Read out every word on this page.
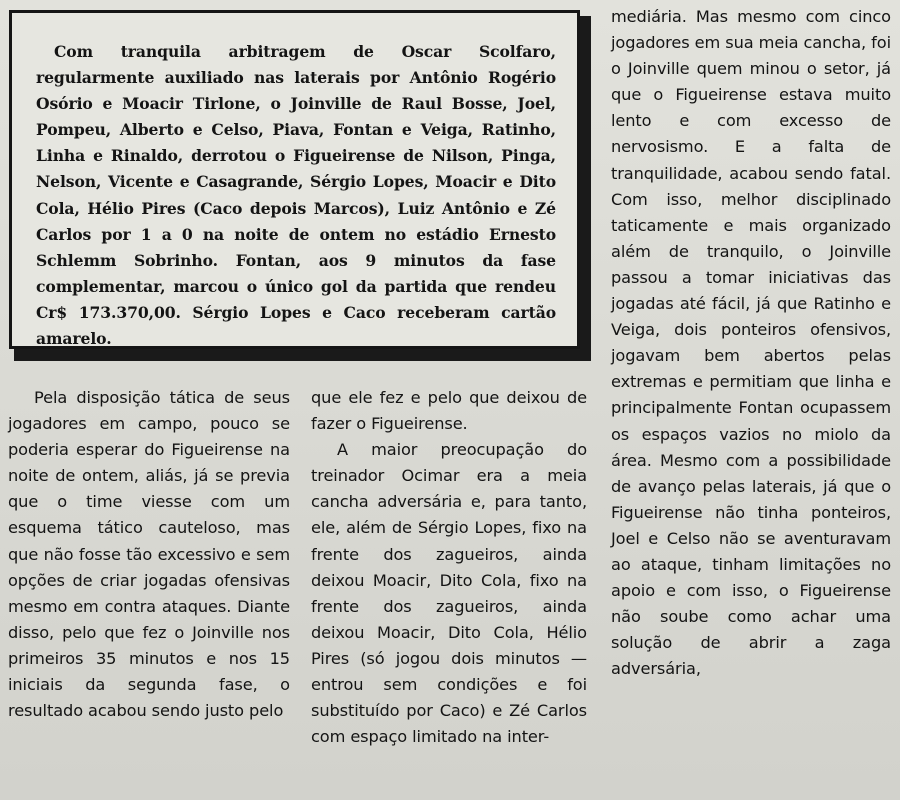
Com tranquila arbitragem de Oscar Scolfaro, regularmente auxiliado nas laterais por Antônio Rogério Osório e Moacir Tirlone, o Joinville de Raul Bosse, Joel, Pompeu, Alberto e Celso, Piava, Fontan e Veiga, Ratinho, Linha e Rinaldo, derrotou o Figueirense de Nilson, Pinga, Nelson, Vicente e Casagrande, Sérgio Lopes, Moacir e Dito Cola, Hélio Pires (Caco depois Marcos), Luiz Antônio e Zé Carlos por 1 a 0 na noite de ontem no estádio Ernesto Schlemm Sobrinho. Fontan, aos 9 minutos da fase complementar, marcou o único gol da partida que rendeu Cr$ 173.370,00. Sérgio Lopes e Caco receberam cartão amarelo.

Pela disposição tática de seus jogadores em campo, pouco se poderia esperar do Figueirense na noite de ontem, aliás, já se previa que o time viesse com um esquema tático cauteloso, mas que não fosse tão excessivo e sem opções de criar jogadas ofensivas mesmo em contra ataques. Diante disso, pelo que fez o Joinville nos primeiros 35 minutos e nos 15 iniciais da segunda fase, o resultado acabou sendo justo pelo

que ele fez e pelo que deixou de fazer o Figueirense.

A maior preocupação do treinador Ocimar era a meia cancha adversária e, para tanto, ele, além de Sérgio Lopes, fixo na frente dos zagueiros, ainda deixou Moacir, Dito Cola, fixo na frente dos zagueiros, ainda deixou Moacir, Dito Cola, Hélio Pires (só jogou dois minutos — entrou sem condições e foi substituído por Caco) e Zé Carlos com espaço limitado na inter-

mediária. Mas mesmo com cinco jogadores em sua meia cancha, foi o Joinville quem minou o setor, já que o Figueirense estava muito lento e com excesso de nervosismo. E a falta de tranquilidade, acabou sendo fatal. Com isso, melhor disciplinado taticamente e mais organizado além de tranquilo, o Joinville passou a tomar iniciativas das jogadas até fácil, já que Ratinho e Veiga, dois ponteiros ofensivos, jogavam bem abertos pelas extremas e permitiam que linha e principalmente Fontan ocupassem os espaços vazios no miolo da área. Mesmo com a possibilidade de avanço pelas laterais, já que o Figueirense não tinha ponteiros, Joel e Celso não se aventuravam ao ataque, tinham limitações no apoio e com isso, o Figueirense não soube como achar uma solução de abrir a zaga adversária,
